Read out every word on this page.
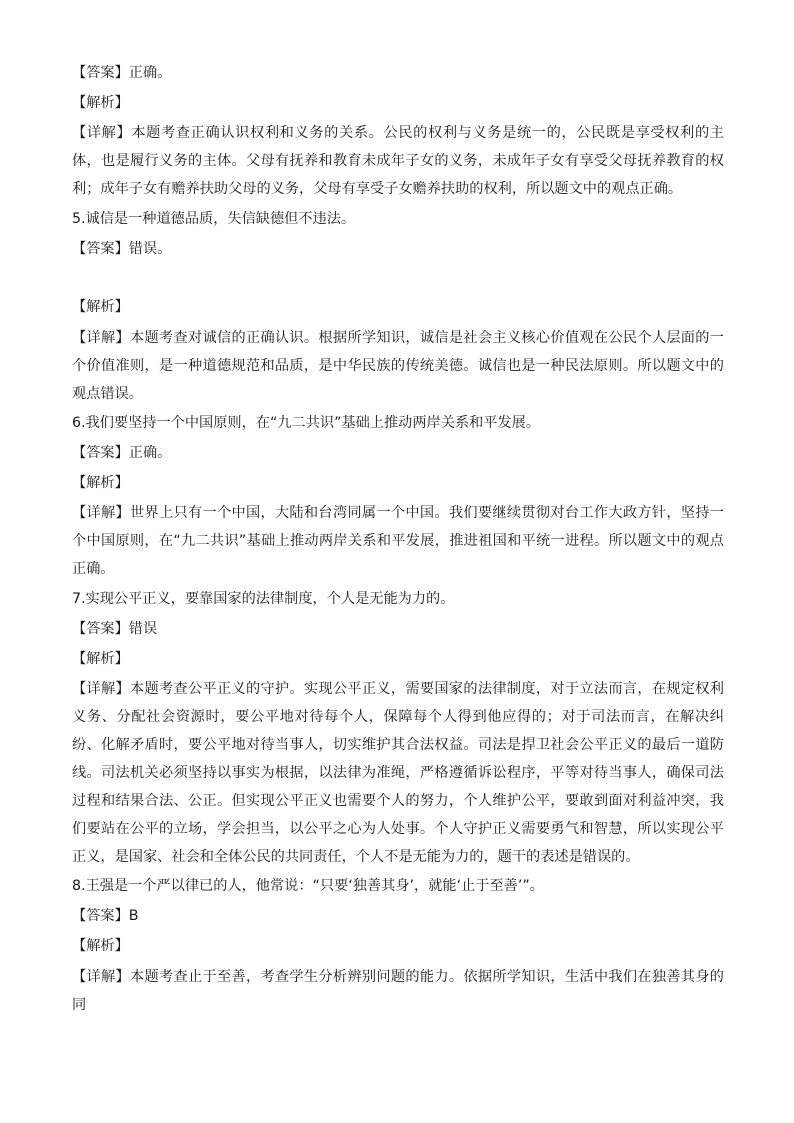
【答案】正确。
【解析】
【详解】本题考查正确认识权利和义务的关系。公民的权利与义务是统一的，公民既是享受权利的主体，也是履行义务的主体。父母有抚养和教育未成年子女的义务，未成年子女有享受父母抚养教育的权利；成年子女有赡养扶助父母的义务，父母有享受子女赡养扶助的权利，所以题文中的观点正确。
5.诚信是一种道德品质，失信缺德但不违法。
【答案】错误。
【解析】
【详解】本题考查对诚信的正确认识。根据所学知识，诚信是社会主义核心价值观在公民个人层面的一个价值准则，是一种道德规范和品质，是中华民族的传统美德。诚信也是一种民法原则。所以题文中的观点错误。
6.我们要坚持一个中国原则，在“九二共识”基础上推动两岸关系和平发展。
【答案】正确。
【解析】
【详解】世界上只有一个中国，大陆和台湾同属一个中国。我们要继续贯彻对台工作大政方针，坚持一个中国原则，在“九二共识”基础上推动两岸关系和平发展，推进祖国和平统一进程。所以题文中的观点正确。
7.实现公平正义，要靠国家的法律制度，个人是无能为力的。
【答案】错误
【解析】
【详解】本题考查公平正义的守护。实现公平正义，需要国家的法律制度，对于立法而言，在规定权利义务、分配社会资源时，要公平地对待每个人，保障每个人得到他应得的；对于司法而言，在解决纠纷、化解矛盾时，要公平地对待当事人，切实维护其合法权益。司法是捍卫社会公平正义的最后一道防线。司法机关必须坚持以事实为根据，以法律为准绳，严格遵循诉讼程序，平等对待当事人，确保司法过程和结果合法、公正。但实现公平正义也需要个人的努力，个人维护公平，要敢到面对利益冲突，我们要站在公平的立场，学会担当，以公平之心为人处事。个人守护正义需要勇气和智慧，所以实现公平正义，是国家、社会和全体公民的共同责任，个人不是无能为力的，题干的表述是错误的。
8.王强是一个严以律已的人，他常说：“只要‘独善其身’，就能‘止于至善’”。
【答案】B
【解析】
【详解】本题考查止于至善，考查学生分析辨别问题的能力。依据所学知识，生活中我们在独善其身的同
